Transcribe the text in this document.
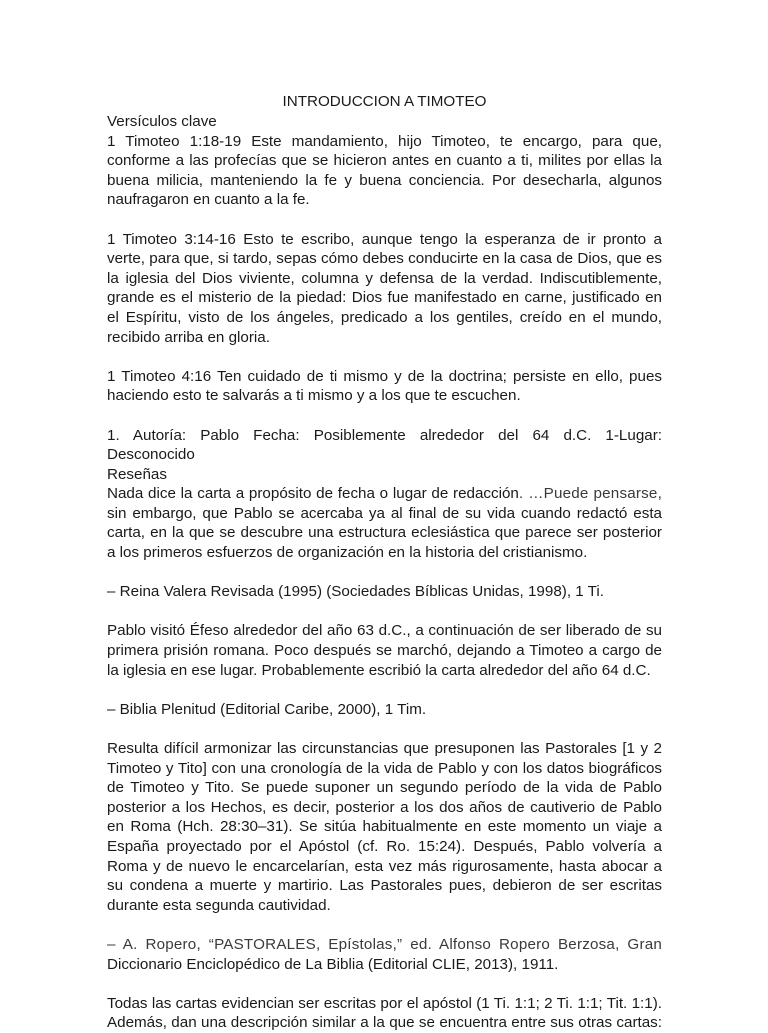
INTRODUCCION A TIMOTEO

Versículos clave

1 Timoteo 1:18-19 Este mandamiento, hijo Timoteo, te encargo, para que, conforme a las profecías que se hicieron antes en cuanto a ti, milites por ellas la buena milicia, manteniendo la fe y buena conciencia. Por desecharla, algunos naufragaron en cuanto a la fe.

1 Timoteo 3:14-16 Esto te escribo, aunque tengo la esperanza de ir pronto a verte, para que, si tardo, sepas cómo debes conducirte en la casa de Dios, que es la iglesia del Dios viviente, columna y defensa de la verdad. Indiscutiblemente, grande es el misterio de la piedad: Dios fue manifestado en carne, justificado en el Espíritu, visto de los ángeles, predicado a los gentiles, creído en el mundo, recibido arriba en gloria.

1 Timoteo 4:16 Ten cuidado de ti mismo y de la doctrina; persiste en ello, pues haciendo esto te salvarás a ti mismo y a los que te escuchen.

1. Autoría: Pablo Fecha: Posiblemente alrededor del 64 d.C. 1-Lugar: Desconocido

Reseñas

Nada dice la carta a propósito de fecha o lugar de redacción. …Puede pensarse, sin embargo, que Pablo se acercaba ya al final de su vida cuando redactó esta carta, en la que se descubre una estructura eclesiástica que parece ser posterior a los primeros esfuerzos de organización en la historia del cristianismo.

– Reina Valera Revisada (1995) (Sociedades Bíblicas Unidas, 1998), 1 Ti.

Pablo visitó Éfeso alrededor del año 63 d.C., a continuación de ser liberado de su primera prisión romana. Poco después se marchó, dejando a Timoteo a cargo de la iglesia en ese lugar. Probablemente escribió la carta alrededor del año 64 d.C.

– Biblia Plenitud (Editorial Caribe, 2000), 1 Tim.

Resulta difícil armonizar las circunstancias que presuponen las Pastorales [1 y 2 Timoteo y Tito] con una cronología de la vida de Pablo y con los datos biográficos de Timoteo y Tito. Se puede suponer un segundo período de la vida de Pablo posterior a los Hechos, es decir, posterior a los dos años de cautiverio de Pablo en Roma (Hch. 28:30–31). Se sitúa habitualmente en este momento un viaje a España proyectado por el Apóstol (cf. Ro. 15:24). Después, Pablo volvería a Roma y de nuevo le encarcelarían, esta vez más rigurosamente, hasta abocar a su condena a muerte y martirio. Las Pastorales pues, debieron de ser escritas durante esta segunda cautividad.

– A. Ropero, “PASTORALES, Epístolas,” ed. Alfonso Ropero Berzosa, Gran Diccionario Enciclopédico de La Biblia (Editorial CLIE, 2013), 1911.

Todas las cartas evidencian ser escritas por el apóstol (1 Ti. 1:1; 2 Ti. 1:1; Tit. 1:1). Además, dan una descripción similar a la que se encuentra entre sus otras cartas:
